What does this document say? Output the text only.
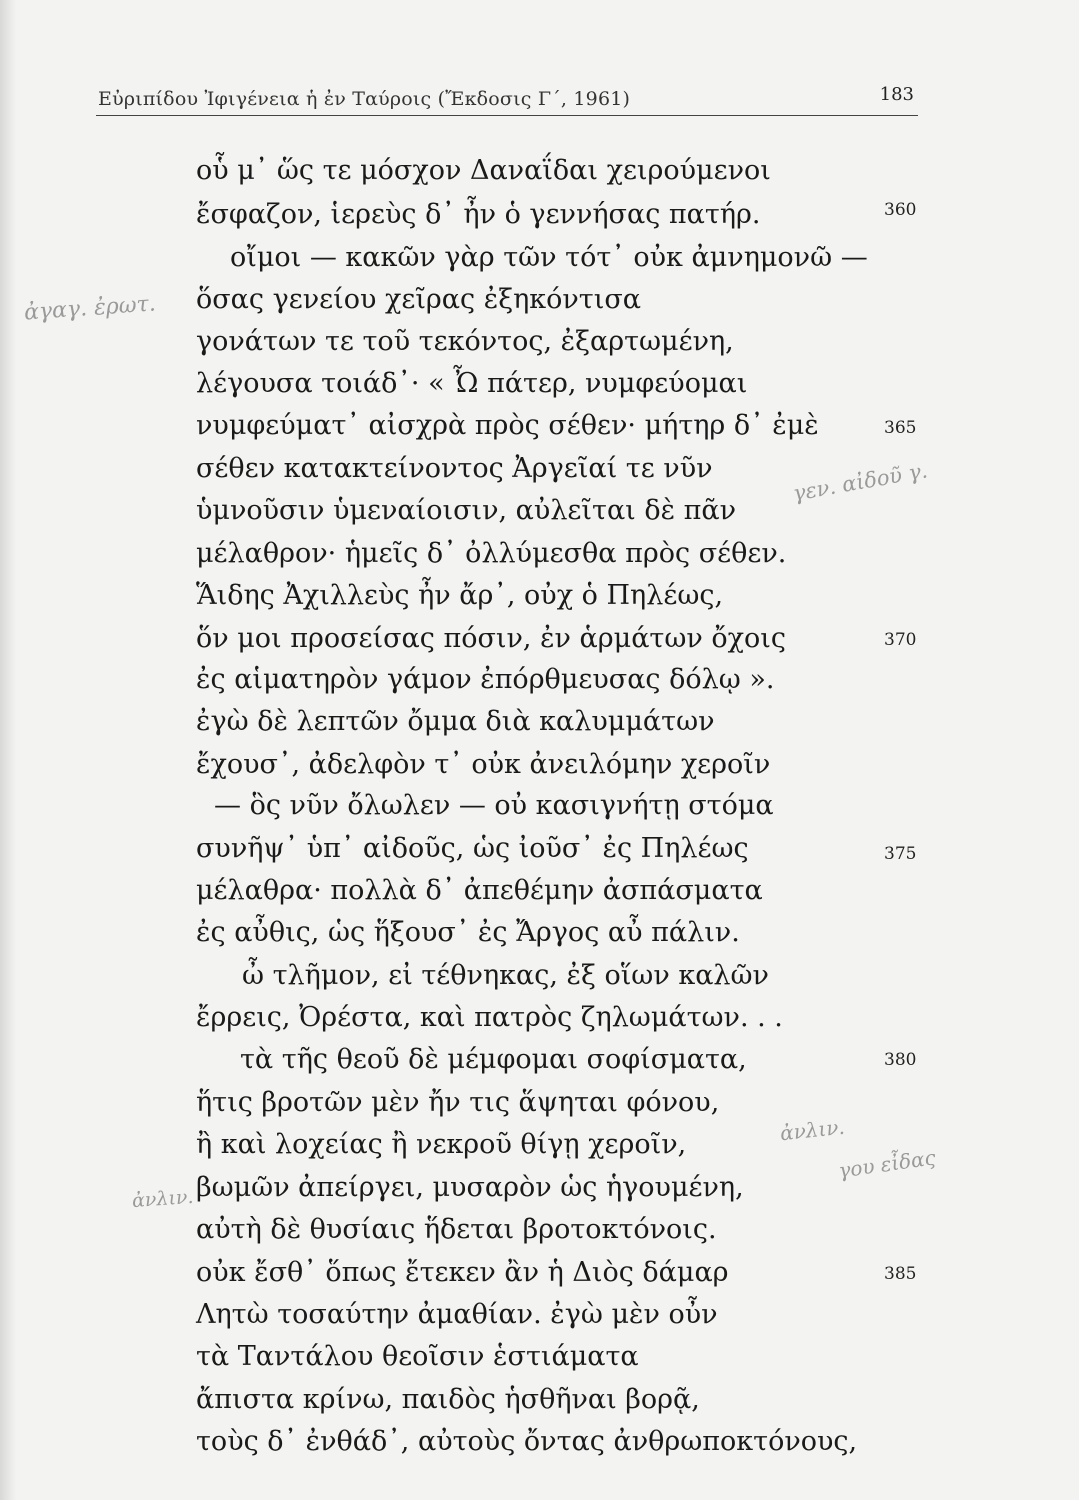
Εὐριπίδου Ἰφιγένεια ἡ ἐν Ταύροις (Ἔκδοσις Γ΄, 1961)	183
οὗ μ᾽ ὥς τε μόσχον Δαναΐδαι χειρούμενοι
ἔσφαζον, ἱερεὺς δ᾽ ἦν ὁ γεννήσας πατήρ.
οἴμοι — κακῶν γὰρ τῶν τότ᾽ οὐκ ἀμνημονῶ —
ὅσας γενείου χεῖρας ἐξηκόντισα
γονάτων τε τοῦ τεκόντος, ἐξαρτωμένη,
λέγουσα τοιάδ᾽· « Ὦ πάτερ, νυμφεύομαι
νυμφεύματ᾽ αἰσχρὰ πρὸς σέθεν· μήτηρ δ᾽ ἐμὲ
σέθεν κατακτείνοντος Ἀργεῖαί τε νῦν
ὑμνοῦσιν ὑμεναίοισιν, αὐλεῖται δὲ πᾶν
μέλαθρον· ἡμεῖς δ᾽ ὀλλύμεσθα πρὸς σέθεν.
Ἅιδης Ἀχιλλεὺς ἦν ἄρ᾽, οὐχ ὁ Πηλέως,
ὅν μοι προσείσας πόσιν, ἐν ἁρμάτων ὄχοις
ἐς αἱματηρὸν γάμον ἐπόρθμευσας δόλῳ ».
ἐγὼ δὲ λεπτῶν ὄμμα διὰ καλυμμάτων
ἔχουσ᾽, ἀδελφὸν τ᾽ οὐκ ἀνειλόμην χεροῖν
— ὃς νῦν ὄλωλεν — οὐ κασιγνήτῃ στόμα
συνῆψ᾽ ὑπ᾽ αἰδοῦς, ὡς ἰοῦσ᾽ ἐς Πηλέως
μέλαθρα· πολλὰ δ᾽ ἀπεθέμην ἀσπάσματα
ἐς αὖθις, ὡς ἥξουσ᾽ ἐς Ἄργος αὖ πάλιν.
ὦ τλῆμον, εἰ τέθνηκας, ἐξ οἵων καλῶν
ἔρρεις, Ὀρέστα, καὶ πατρὸς ζηλωμάτων. . .
τὰ τῆς θεοῦ δὲ μέμφομαι σοφίσματα,
ἥτις βροτῶν μὲν ἤν τις ἅψηται φόνου,
ἢ καὶ λοχείας ἢ νεκροῦ θίγῃ χεροῖν,
βωμῶν ἀπείργει, μυσαρὸν ὡς ἡγουμένη,
αὐτὴ δὲ θυσίαις ἥδεται βροτοκτόνοις.
οὐκ ἔσθ᾽ ὅπως ἔτεκεν ἂν ἡ Διὸς δάμαρ
Λητὼ τοσαύτην ἀμαθίαν. ἐγὼ μὲν οὖν
τὰ Ταντάλου θεοῖσιν ἑστιάματα
ἄπιστα κρίνω, παιδὸς ἡσθῆναι βορᾷ,
τοὺς δ᾽ ἐνθάδ᾽, αὐτοὺς ὄντας ἀνθρωποκτόνους,
360
365
370
375
380
385
ἀγαγ. ἐρωτ.
γεν. αἰδοῦ γ.
ἀνλιν.
γου εἶδας
ἀνλιν.
